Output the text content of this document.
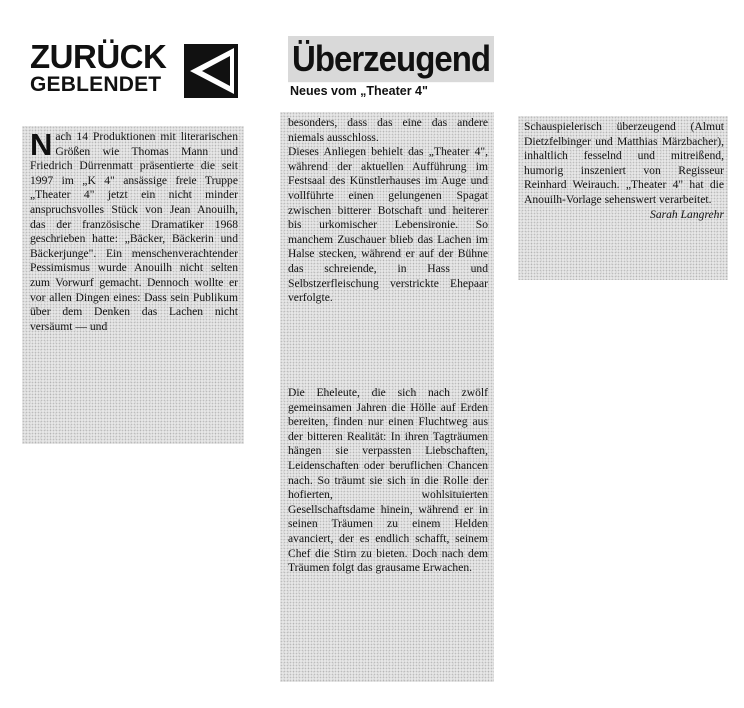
ZURÜCK
GEBLENDET

Nach 14 Produktionen mit literarischen Größen wie Thomas Mann und Friedrich Dürrenmatt präsentierte die seit 1997 im „K 4" ansässige freie Truppe „Theater 4" jetzt ein nicht minder anspruchsvolles Stück von Jean Anouilh, das der französische Dramatiker 1968 geschrieben hatte: „Bäcker, Bäckerin und Bäckerjunge". Ein menschenverachtender Pessimismus wurde Anouilh nicht selten zum Vorwurf gemacht. Dennoch wollte er vor allen Dingen eines: Dass sein Publikum über dem Denken das Lachen nicht versäumt — und

Überzeugend
Neues vom „Theater 4"

besonders, dass das eine das andere niemals ausschloss.
Dieses Anliegen behielt das „Theater 4", während der aktuellen Aufführung im Festsaal des Künstlerhauses im Auge und vollführte einen gelungenen Spagat zwischen bitterer Botschaft und heiterer bis urkomischer Lebensironie. So manchem Zuschauer blieb das Lachen im Halse stecken, während er auf der Bühne das schreiende, in Hass und Selbstzerfleischung verstrickte Ehepaar verfolgte.

Die Eheleute, die sich nach zwölf gemeinsamen Jahren die Hölle auf Erden bereiten, finden nur einen Fluchtweg aus der bitteren Realität: In ihren Tagträumen hängen sie verpassten Liebschaften, Leidenschaften oder beruflichen Chancen nach. So träumt sie sich in die Rolle der hofierten, wohlsituierten Gesellschaftsdame hinein, während er in seinen Träumen zu einem Helden avanciert, der es endlich schafft, seinem Chef die Stirn zu bieten. Doch nach dem Träumen folgt das grausame Erwachen.

Schauspielerisch überzeugend (Almut Dietzfelbinger und Matthias Märzbacher), inhaltlich fesselnd und mitreißend, humorig inszeniert von Regisseur Reinhard Weirauch. „Theater 4" hat die Anouilh-Vorlage sehenswert verarbeitet.

Sarah Langrehr
